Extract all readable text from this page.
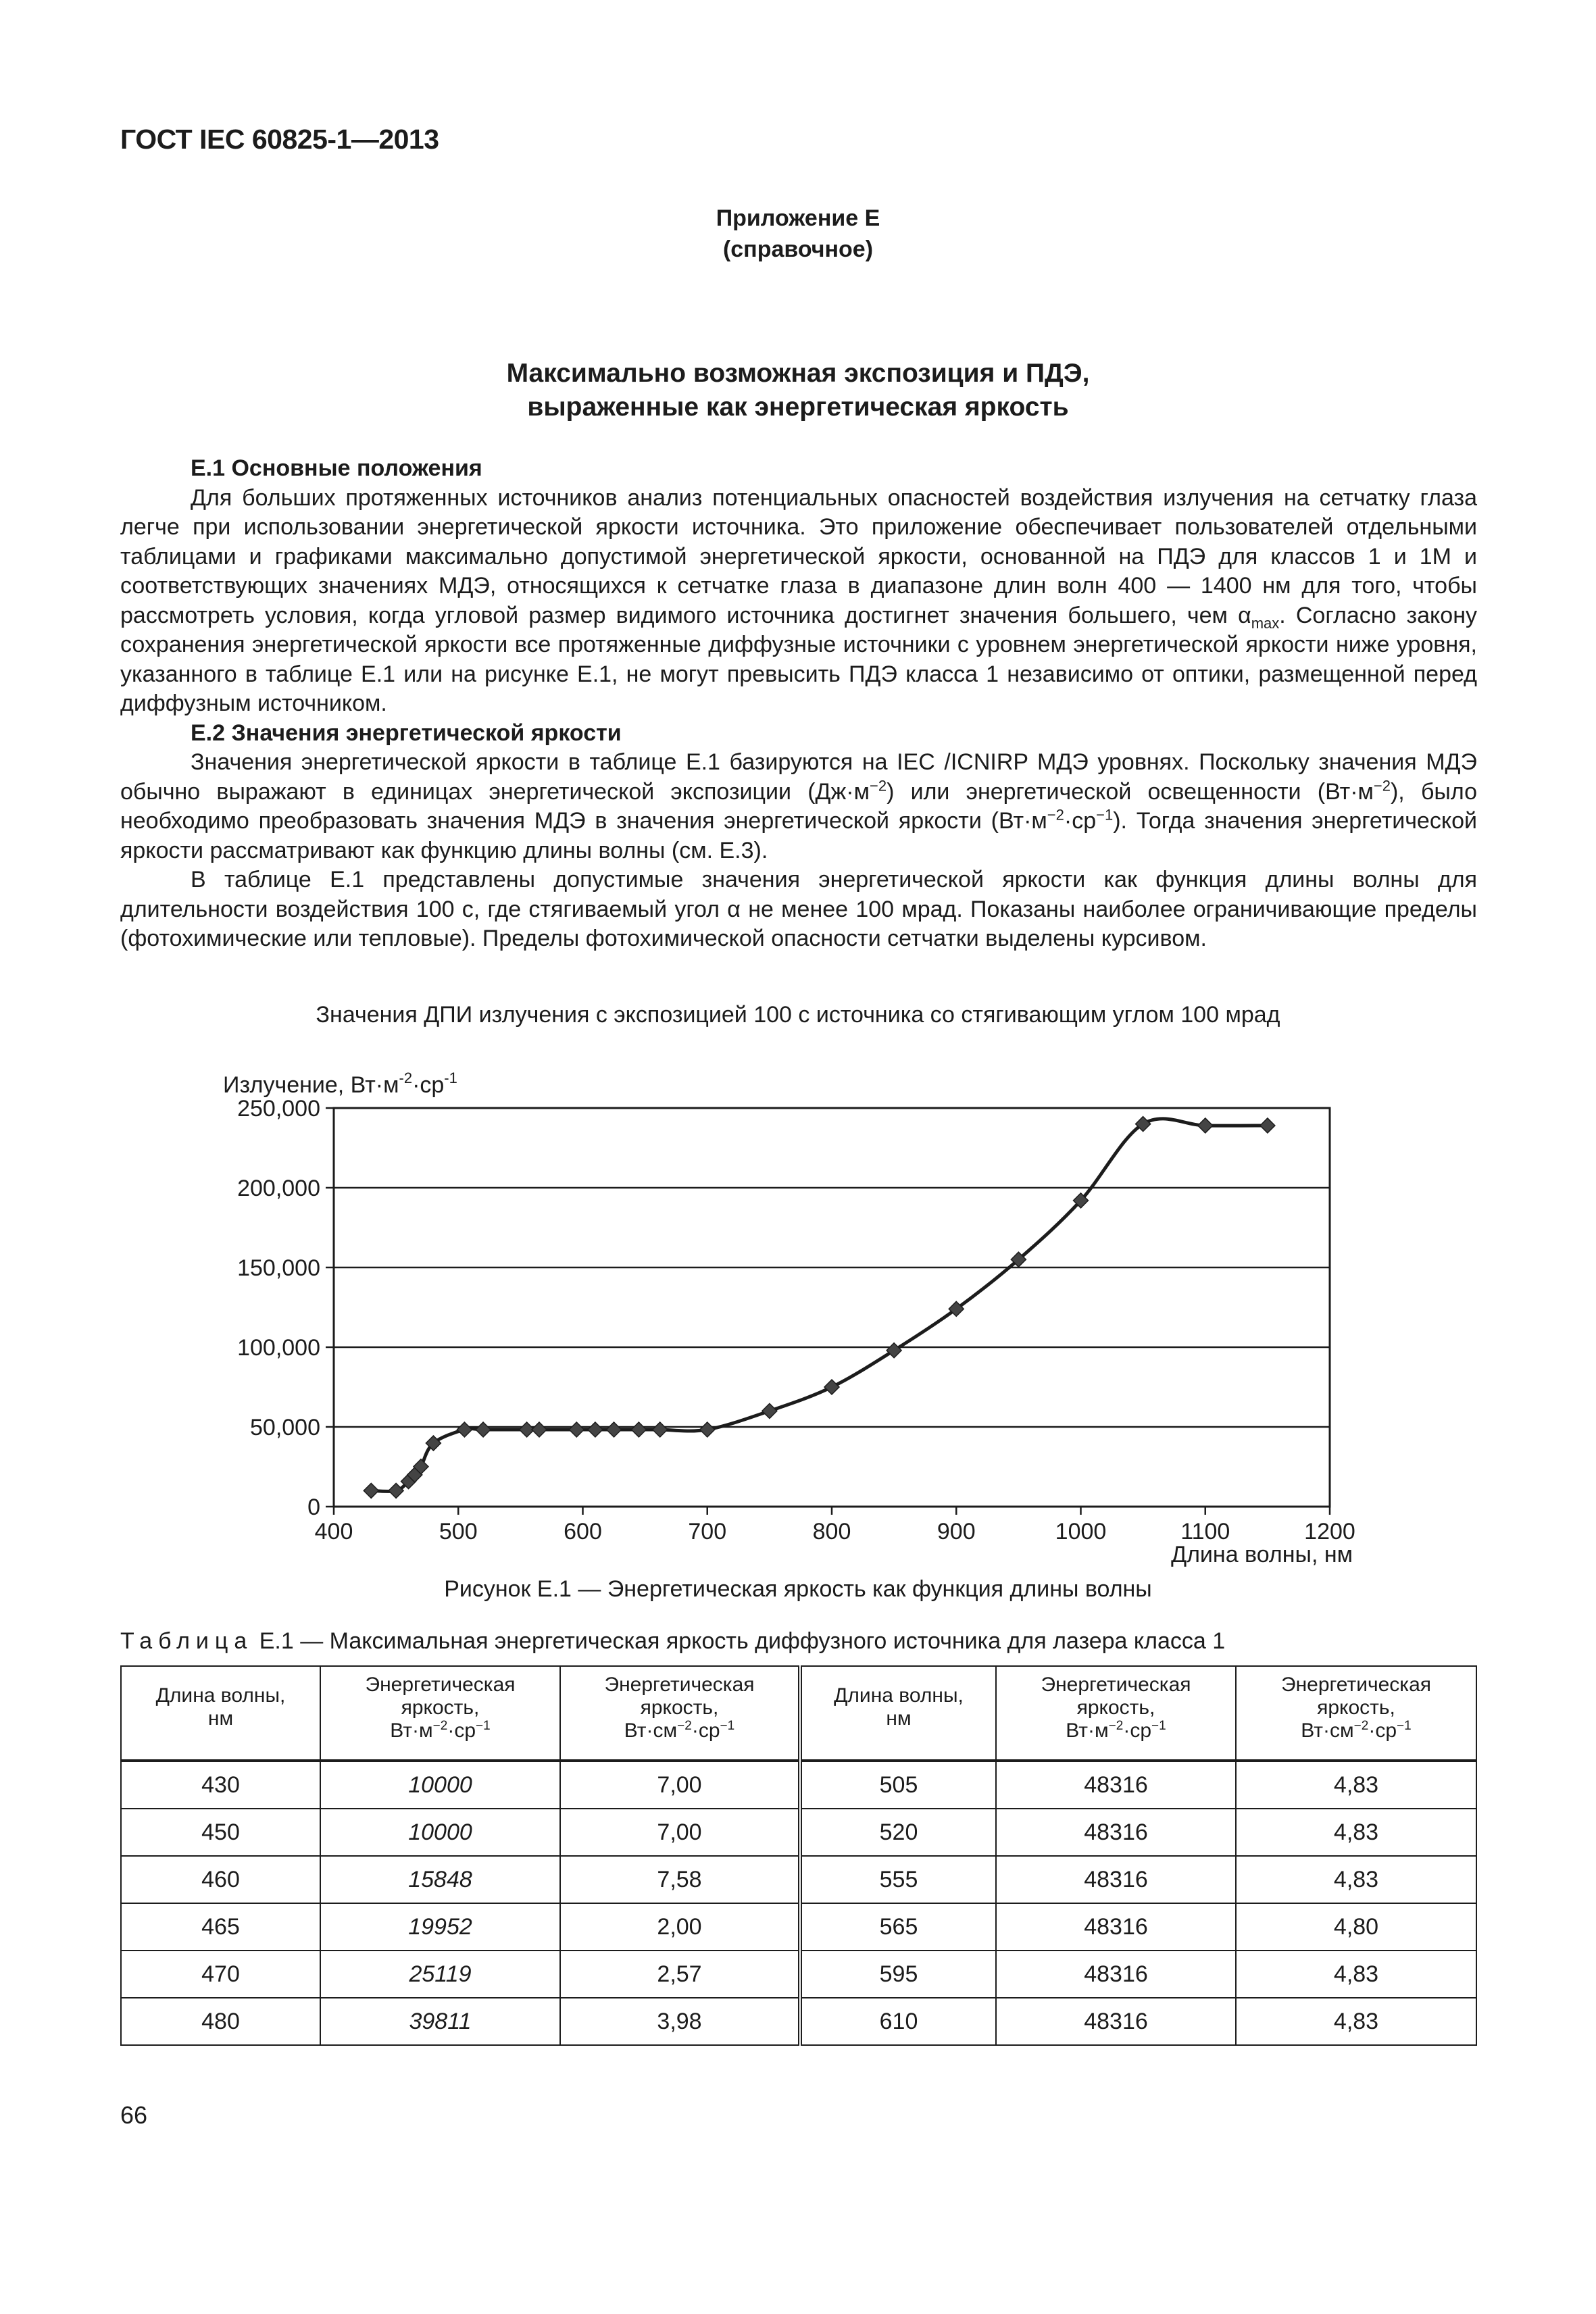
ГОСТ IEC 60825-1—2013
Приложение Е
(справочное)
Максимально возможная экспозиция и ПДЭ,
выраженные как энергетическая яркость

Е.1 Основные положения

Для больших протяженных источников анализ потенциальных опасностей воздействия излучения на сетчатку глаза легче при использовании энергетической яркости источника. Это приложение обеспечивает пользователей отдельными таблицами и графиками максимально допустимой энергетической яркости, основанной на ПДЭ для классов 1 и 1М и соответствующих значениях МДЭ, относящихся к сетчатке глаза в диапазоне длин волн 400 — 1400 нм для того, чтобы рассмотреть условия, когда угловой размер видимого источника достигнет значения большего, чем $\alpha_{max}$. Согласно закону сохранения энергетической яркости все протяженные диффузные источники с уровнем энергетической яркости ниже уровня, указанного в таблице Е.1 или на рисунке Е.1, не могут превысить ПДЭ класса 1 независимо от оптики, размещенной перед диффузным источником.

Е.2 Значения энергетической яркости

Значения энергетической яркости в таблице Е.1 базируются на IEC /ICNIRP МДЭ уровнях. Поскольку значения МДЭ обычно выражают в единицах энергетической экспозиции $(Дж\cdot м^{-2})$ или энергетической освещенности $(Вт\cdot м^{-2})$, было необходимо преобразовать значения МДЭ в значения энергетической яркости $(Вт\cdot м^{-2}\cdot ср^{-1})$. Тогда значения энергетической яркости рассматривают как функцию длины волны (см. Е.3).

В таблице Е.1 представлены допустимые значения энергетической яркости как функция длины волны для длительности воздействия 100 с, где стягиваемый угол α не менее 100 мрад. Показаны наиболее ограничивающие пределы (фотохимические или тепловые). Пределы фотохимической опасности сетчатки выделены курсивом.

Значения ДПИ излучения с экспозицией 100 с источника со стягивающим углом 100 мрад
Излучение, $Вт\cdot м^{-2}\cdot ср^{-1}$
0
50,000
100,000
150,000
200,000
250,000
400	500	600	700	800	900	1000	1100	1200
Длина волны, нм
Рисунок Е.1 — Энергетическая яркость как функция длины волны
Таблица Е.1 — Максимальная энергетическая яркость диффузного источника для лазера класса 1
Длина волны,
нм	Энергетическая
яркость,
$Вт\cdot м^{-2}\cdot ср^{-1}$	Энергетическая
яркость,
$Вт\cdot см^{-2}\cdot ср^{-1}$	Длина волны,
нм	Энергетическая
яркость,
$Вт\cdot м^{-2}\cdot ср^{-1}$	Энергетическая
яркость,
$Вт\cdot см^{-2}\cdot ср^{-1}$
430	10000	7,00	505	48316	4,83
450	10000	7,00	520	48316	4,83
460	15848	7,58	555	48316	4,83
465	19952	2,00	565	48316	4,80
470	25119	2,57	595	48316	4,83
480	39811	3,98	610	48316	4,83
66
